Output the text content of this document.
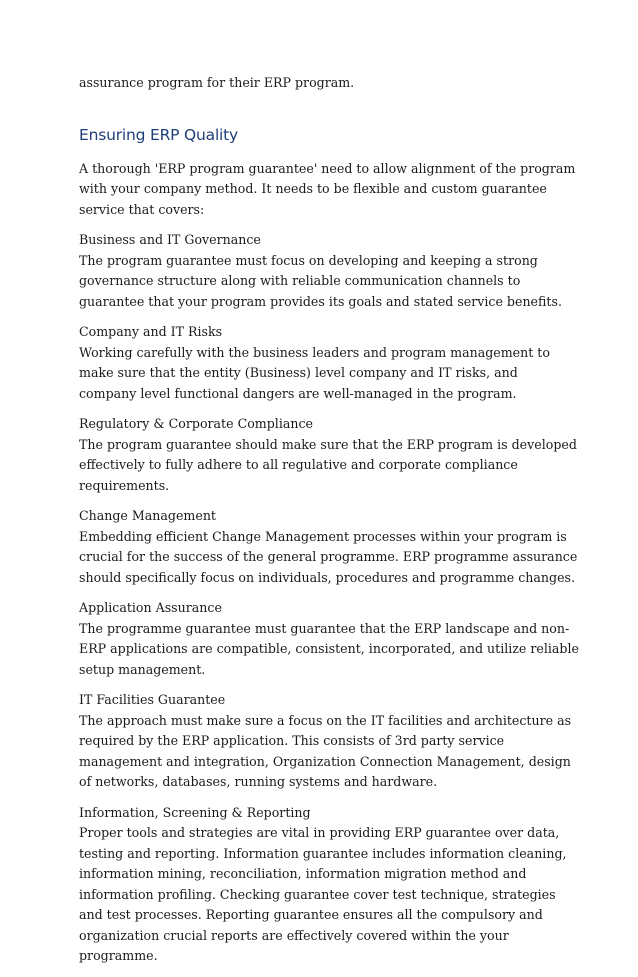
assurance program for their ERP program.

Ensuring ERP Quality

A thorough 'ERP program guarantee' need to allow alignment of the program with your company method. It needs to be flexible and custom guarantee service that covers:

Business and IT Governance

The program guarantee must focus on developing and keeping a strong governance structure along with reliable communication channels to guarantee that your program provides its goals and stated service benefits.

Company and IT Risks

Working carefully with the business leaders and program management to make sure that the entity (Business) level company and IT risks, and company level functional dangers are well-managed in the program.

Regulatory & Corporate Compliance

The program guarantee should make sure that the ERP program is developed effectively to fully adhere to all regulative and corporate compliance requirements.

Change Management

Embedding efficient Change Management processes within your program is crucial for the success of the general programme. ERP programme assurance should specifically focus on individuals, procedures and programme changes.

Application Assurance

The programme guarantee must guarantee that the ERP landscape and non-ERP applications are compatible, consistent, incorporated, and utilize reliable setup management.

IT Facilities Guarantee

The approach must make sure a focus on the IT facilities and architecture as required by the ERP application. This consists of 3rd party service management and integration, Organization Connection Management, design of networks, databases, running systems and hardware.

Information, Screening & Reporting

Proper tools and strategies are vital in providing ERP guarantee over data, testing and reporting. Information guarantee includes information cleaning, information mining, reconciliation, information migration method and information profiling. Checking guarantee cover test technique, strategies and test processes. Reporting guarantee ensures all the compulsory and organization crucial reports are effectively covered within the your programme.
